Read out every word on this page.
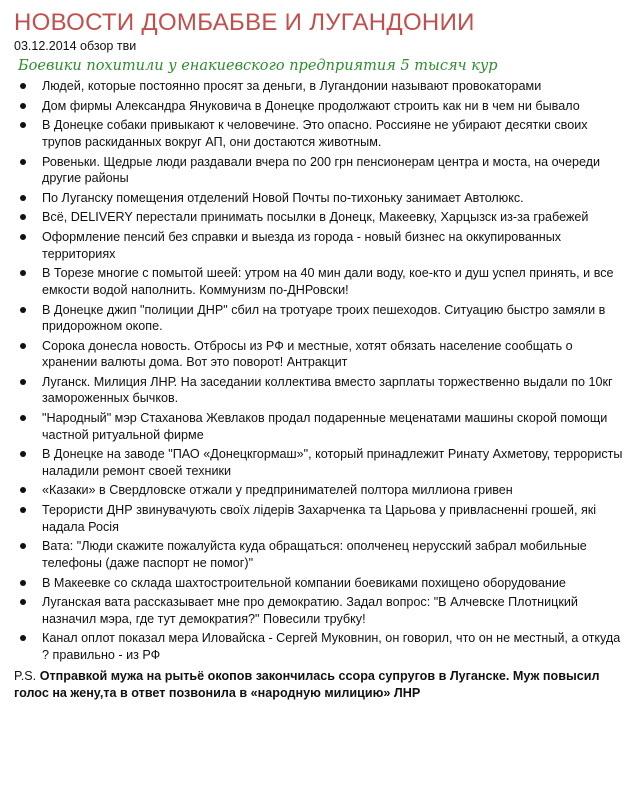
НОВОСТИ ДОМБАБВЕ И ЛУГАНДОНИИ
03.12.2014 обзор тви
Боевики похитили у енакиевского предприятия 5 тысяч кур
Людей, которые постоянно просят за деньги, в Лугандонии называют провокаторами
Дом фирмы Александра Януковича в Донецке продолжают строить как ни в чем ни бывало
В Донецке собаки привыкают к человечине. Это опасно. Россияне не убирают десятки своих трупов раскиданных вокруг АП, они достаются животным.
Ровеньки. Щедрые люди раздавали вчера по 200 грн пенсионерам центра и моста, на очереди другие районы
По Луганску помещения отделений Новой Почты по-тихоньку занимает Автолюкс.
Всё, DELIVERY перестали принимать посылки в Донецк, Макеевку, Харцызск из-за грабежей
Оформление пенсий без справки и выезда из города - новый бизнес на оккупированных территориях
В Торезе многие с помытой шеей: утром на 40 мин дали воду, кое-кто и душ успел принять, и все емкости водой наполнить. Коммунизм по-ДНРовски!
В Донецке джип "полиции ДНР" сбил на тротуаре троих пешеходов. Ситуацию быстро замяли в придорожном окопе.
Сорока донесла новость. Отбросы из РФ и местные, хотят обязать население сообщать о хранении валюты дома. Вот это поворот! Антракцит
Луганск. Милиция ЛНР. На заседании коллектива вместо зарплаты торжественно выдали по 10кг замороженных бычков.
"Народный" мэр Стаханова Жевлаков продал подаренные меценатами машины скорой помощи частной ритуальной фирме
В Донецке на заводе "ПАО «Донецкгормаш»", который принадлежит Ринату Ахметову, террористы наладили ремонт своей техники
«Казаки» в Свердловске отжали у предпринимателей полтора миллиона гривен
Терористи ДНР звинувачують своїх лідерів Захарченка та Царьова у привласненні грошей, які надала Росія
Вата: "Люди скажите пожалуйста куда обращаться: ополченец нерусский забрал мобильные телефоны (даже паспорт не помог)"
В Макеевке со склада шахтостроительной компании боевиками похищено оборудование
Луганская вата рассказывает мне про демократию. Задал вопрос: "В Алчевске Плотницкий назначил мэра, где тут демократия?" Повесили трубку!
Канал оплот показал мера Иловайска - Сергей Муковнин, он говорил, что он не местный, а откуда ? правильно - из РФ
P.S. Отправкой мужа на рытьё окопов закончилась ссора супругов в Луганске. Муж повысил голос на жену,та в ответ позвонила в «народную милицию» ЛНР
